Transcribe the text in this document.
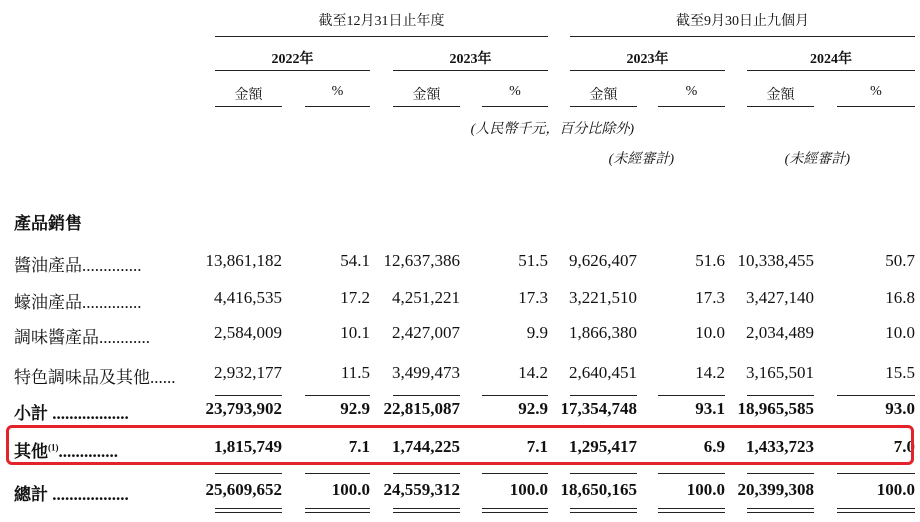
截至12月31日止年度	截至9月30日止九個月
2022年	2023年	2023年	2024年
金額	%	金額	%	金額	%	金額	%
(人民幣千元，百分比除外)
(未經審計)	(未經審計)
產品銷售
醬油產品..............	13,861,182	54.1 12,637,386	51.5 9,626,407	51.6 10,338,455	50.7
蠔油產品..............	4,416,535	17.2 4,251,221	17.3 3,221,510	17.3 3,427,140	16.8
調味醬產品............	2,584,009	10.1 2,427,007	9.9 1,866,380	10.0 2,034,489	10.0
特色調味品及其他...... 2,932,177	11.5 3,499,473	14.2 2,640,451	14.2 3,165,501	15.5
小計 ..................	23,793,902	92.9 22,815,087	92.9 17,354,748	93.1 18,965,585	93.0
其他$^{(1)}$..............	1,815,749	7.1 1,744,225	7.1 1,295,417	6.9 1,433,723	7.0
總計 ..................	25,609,652	100.0 24,559,312	100.0 18,650,165	100.0 20,399,308	100.0
